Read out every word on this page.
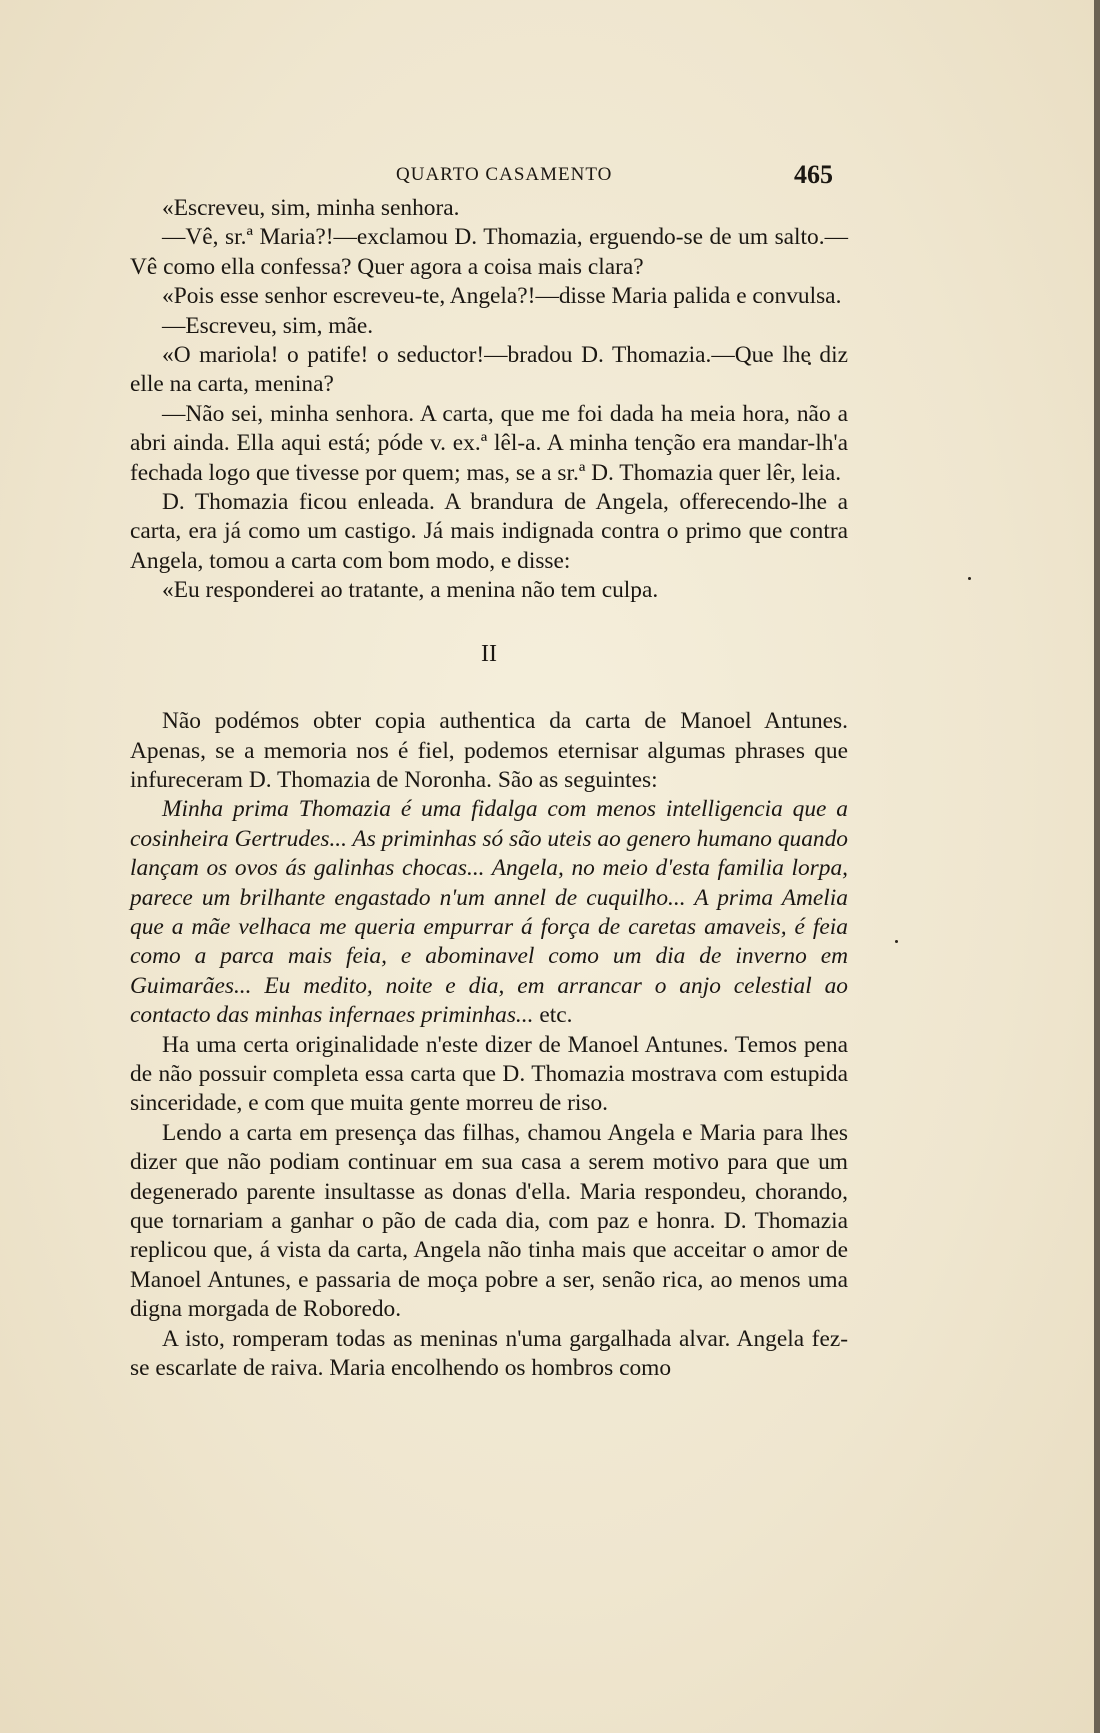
QUARTO CASAMENTO	465

«Escreveu, sim, minha senhora.

—Vê, sr.ª Maria?!—exclamou D. Thomazia, erguendo-se de um salto.—Vê como ella confessa? Quer agora a coisa mais clara?

«Pois esse senhor escreveu-te, Angela?!—disse Maria palida e convulsa.

—Escreveu, sim, mãe.

«O mariola! o patife! o seductor!—bradou D. Thomazia.—Que lhe diz elle na carta, menina?

—Não sei, minha senhora. A carta, que me foi dada ha meia hora, não a abri ainda. Ella aqui está; póde v. ex.ª lêl-a. A minha tenção era mandar-lh'a fechada logo que tivesse por quem; mas, se a sr.ª D. Thomazia quer lêr, leia.

D. Thomazia ficou enleada. A brandura de Angela, offerecendo-lhe a carta, era já como um castigo. Já mais indignada contra o primo que contra Angela, tomou a carta com bom modo, e disse:

«Eu responderei ao tratante, a menina não tem culpa.

II

Não podémos obter copia authentica da carta de Manoel Antunes. Apenas, se a memoria nos é fiel, podemos eternisar algumas phrases que infureceram D. Thomazia de Noronha. São as seguintes:

Minha prima Thomazia é uma fidalga com menos intelligencia que a cosinheira Gertrudes... As priminhas só são uteis ao genero humano quando lançam os ovos ás galinhas chocas... Angela, no meio d'esta familia lorpa, parece um brilhante engastado n'um annel de cuquilho... A prima Amelia que a mãe velhaca me queria empurrar á força de caretas amaveis, é feia como a parca mais feia, e abominavel como um dia de inverno em Guimarães... Eu medito, noite e dia, em arrancar o anjo celestial ao contacto das minhas infernaes priminhas... etc.

Ha uma certa originalidade n'este dizer de Manoel Antunes. Temos pena de não possuir completa essa carta que D. Thomazia mostrava com estupida sinceridade, e com que muita gente morreu de riso.

Lendo a carta em presença das filhas, chamou Angela e Maria para lhes dizer que não podiam continuar em sua casa a serem motivo para que um degenerado parente insultasse as donas d'ella. Maria respondeu, chorando, que tornariam a ganhar o pão de cada dia, com paz e honra. D. Thomazia replicou que, á vista da carta, Angela não tinha mais que acceitar o amor de Manoel Antunes, e passaria de moça pobre a ser, senão rica, ao menos uma digna morgada de Roboredo.

A isto, romperam todas as meninas n'uma gargalhada alvar. Angela fez-se escarlate de raiva. Maria encolhendo os hombros como
